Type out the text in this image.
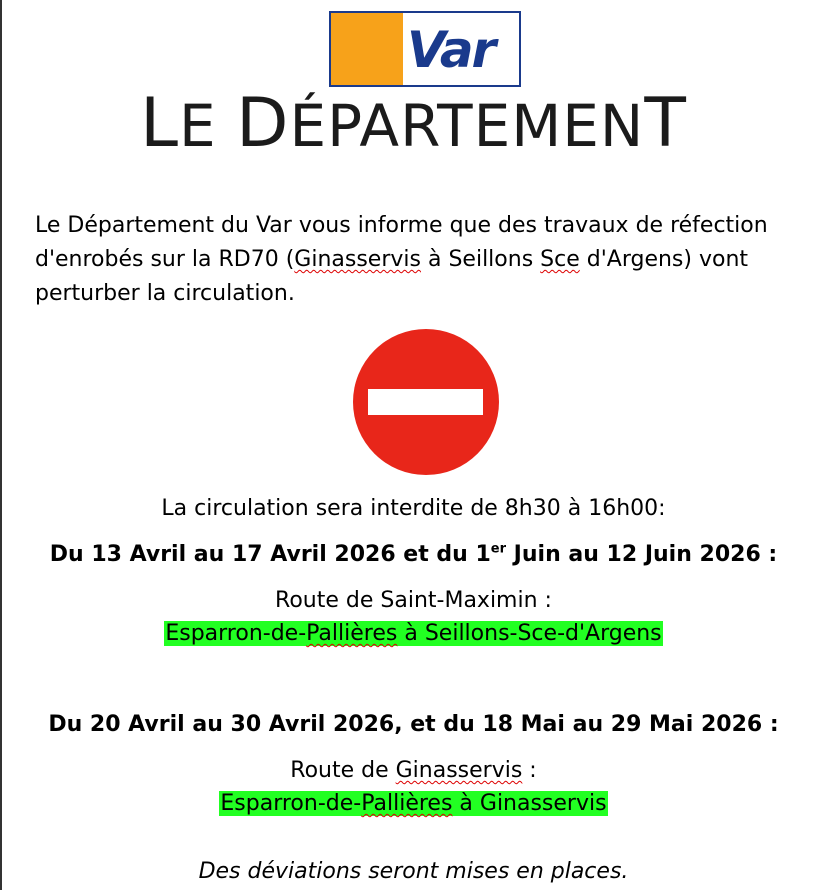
Var
LE DÉPARTEMENT
Le Département du Var vous informe que des travaux de réfection d'enrobés sur la RD70 (Ginasservis à Seillons Sce d'Argens) vont perturber la circulation.
La circulation sera interdite de 8h30 à 16h00:
Du 13 Avril au 17 Avril 2026 et du 1er Juin au 12 Juin 2026 :
Route de Saint-Maximin :
Esparron-de-Pallières à Seillons-Sce-d'Argens
Du 20 Avril au 30 Avril 2026, et du 18 Mai au 29 Mai 2026 :
Route de Ginasservis :
Esparron-de-Pallières à Ginasservis
Des déviations seront mises en places.
